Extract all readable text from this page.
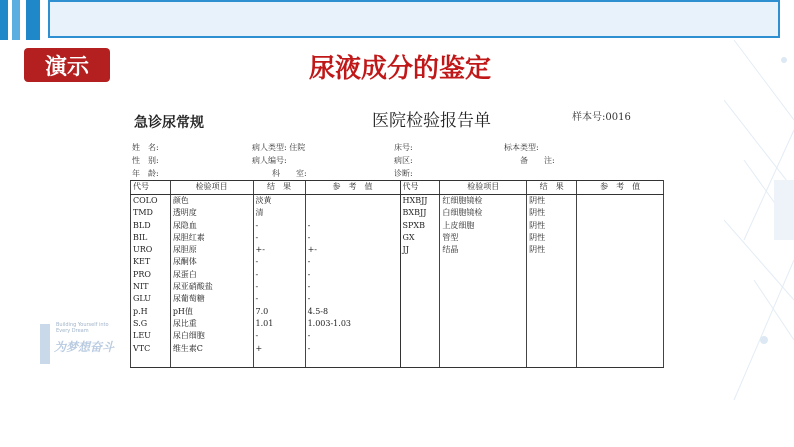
演示	尿液成分的鉴定
Building Yourself into Every Dream
为梦想奋斗
急诊尿常规	医院检验报告单	样本号:0016
姓　名:
性　别:
年　龄:
病人类型: 住院
病人编号:
科　　室:
床号:
病区:
诊断:
标本类型:
备　　注:
代号	检验项目	结　果	参　考　值	代号	检验项目	结　果	参　考　值
COLO	颜色	淡黄		HXBJJ	红细胞镜检	阴性	
TMD	透明度	清		BXBJJ	白细胞镜检	阴性	
BLD	尿隐血	-	-	SPXB	上皮细胞	阴性	
BIL	尿胆红素	-	-	GX	管型	阴性	
URO	尿胆原	+-	+-	JJ	结晶	阴性	
KET	尿酮体	-	-				
PRO	尿蛋白	-	-				
NIT	尿亚硝酸盐	-	-				
GLU	尿葡萄糖	-	-				
p.H	pH值	7.0	4.5-8				
S.G	尿比重	1.01	1.003-1.03				
LEU	尿白细胞	-	-				
VTC	维生素C	+	-				
